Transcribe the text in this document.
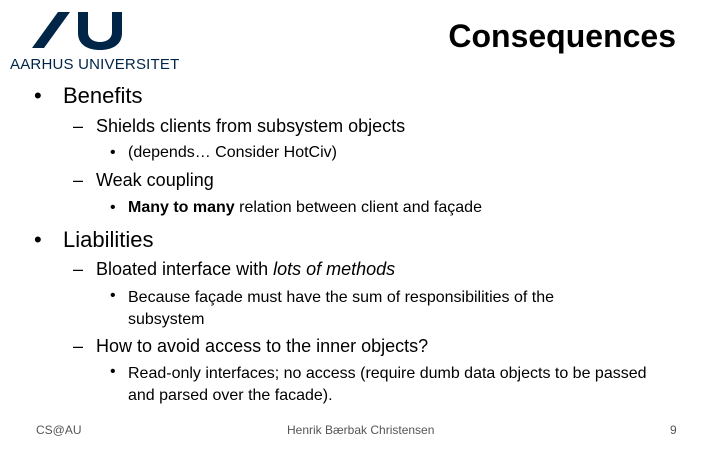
AARHUS UNIVERSITET
Consequences
• Benefits
– Shields clients from subsystem objects
• (depends… Consider HotCiv)
– Weak coupling
• Many to many relation between client and façade
• Liabilities
– Bloated interface with lots of methods
• Because façade must have the sum of responsibilities of the subsystem
– How to avoid access to the inner objects?
• Read-only interfaces; no access (require dumb data objects to be passed and parsed over the facade).
CS@AU	Henrik Bærbak Christensen	9
